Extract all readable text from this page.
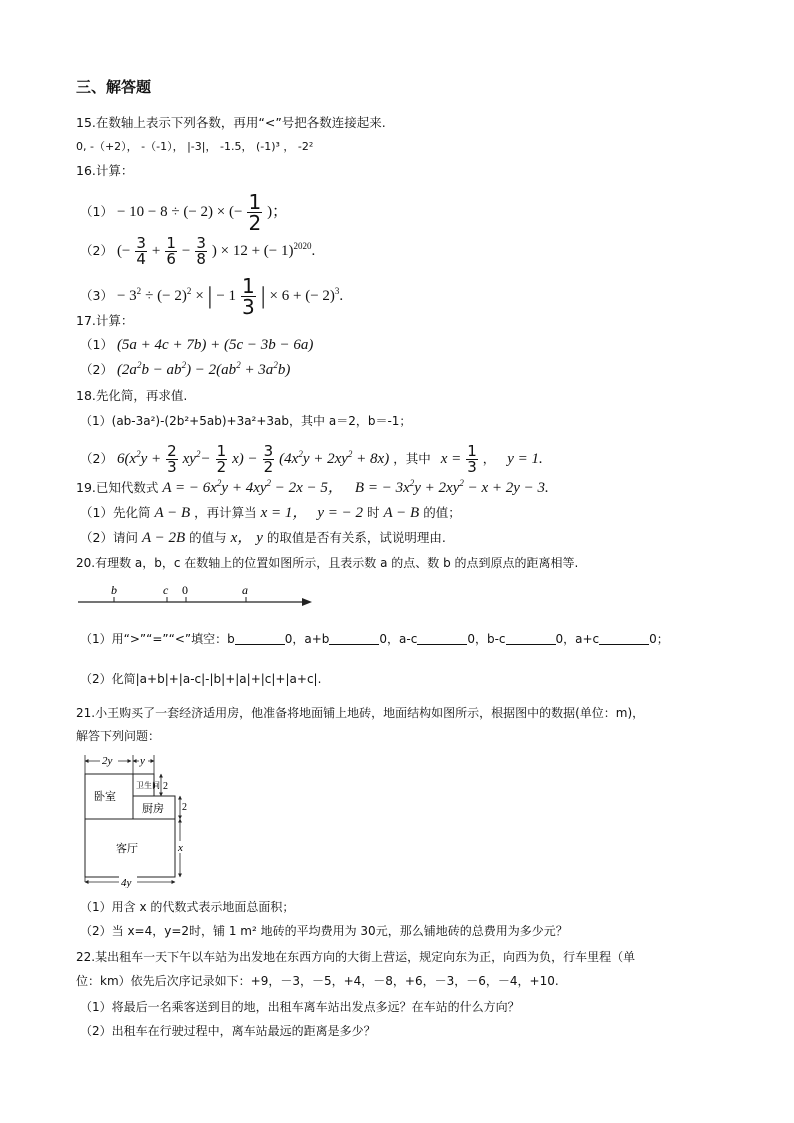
三、解答题
15.在数轴上表示下列各数，再用“<”号把各数连接起来.
0, -（+2）， -（-1）， |-3|， -1.5， (-1)³ ， -2²
16.计算：
（1） − 10 − 8 ÷ (− 2) × (− $\frac{1}{2}$ )；
（2） (− $\frac{3}{4} + \frac{1}{6} - \frac{3}{8}$ ) × 12 + (− 1)$^{2020}$.
$(3) - 3^2$ ÷ (− 2)$^2$ × | − $1 \frac{1}{3}$ | × 6 + (− 2)$^3$.
17.计算：
（1） (5a + 4c + 7b) + (5c − 3b − 6a)
（2） $(2a^2b - ab^2) - 2(ab^2 + 3a^2b)$
18.先化简，再求值.
（1）(ab-3a²)-(2b²+5ab)+3a²+3ab，其中 a＝2，b＝-1；
（2） $6(x^2y + \frac{2}{3} xy^2- \frac{1}{2} x) - \frac{3}{2} (4x^2y + 2xy^2 + 8x)$ ，其中 $x = \frac{1}{3}$ ， y = 1.
19.已知代数式 A = − $6x^2y + 4xy^2 - 2x - 5$， B = − $3x^2y + 2xy^2 - x + 2y - 3$.
（1）先化简 A − B ，再计算当 x = 1， y = − 2 时 A − B 的值；
（2）请问 A − 2B 的值与 x， y 的取值是否有关系，试说明理由.
20.有理数 a，b，c 在数轴上的位置如图所示，且表示数 a 的点、数 b 的点到原点的距离相等.
b	c 0	a
（1）用“>”“=”“<”填空：b	0，a+b	0，a-c	0，b-c	0，a+c	0；
（2）化简|a+b|+|a-c|-|b|+|a|+|c|+|a+c|.
21.小王购买了一套经济适用房，他准备将地面铺上地砖，地面结构如图所示，根据图中的数据(单位：m)，
解答下列问题：
2y	y
卫生间 2
2
卧室
厨房
客厅	x
4y
（1）用含 x 的代数式表示地面总面积；
（2）当 x=4，y=2时，铺 1 m² 地砖的平均费用为 30元，那么铺地砖的总费用为多少元？
22.某出租车一天下午以车站为出发地在东西方向的大街上营运，规定向东为正，向西为负，行车里程（单
位：km）依先后次序记录如下：+9，－3，－5，+4，－8，+6，－3，－6，－4，+10.
（1）将最后一名乘客送到目的地，出租车离车站出发点多远？在车站的什么方向？
（2）出租车在行驶过程中，离车站最远的距离是多少？
